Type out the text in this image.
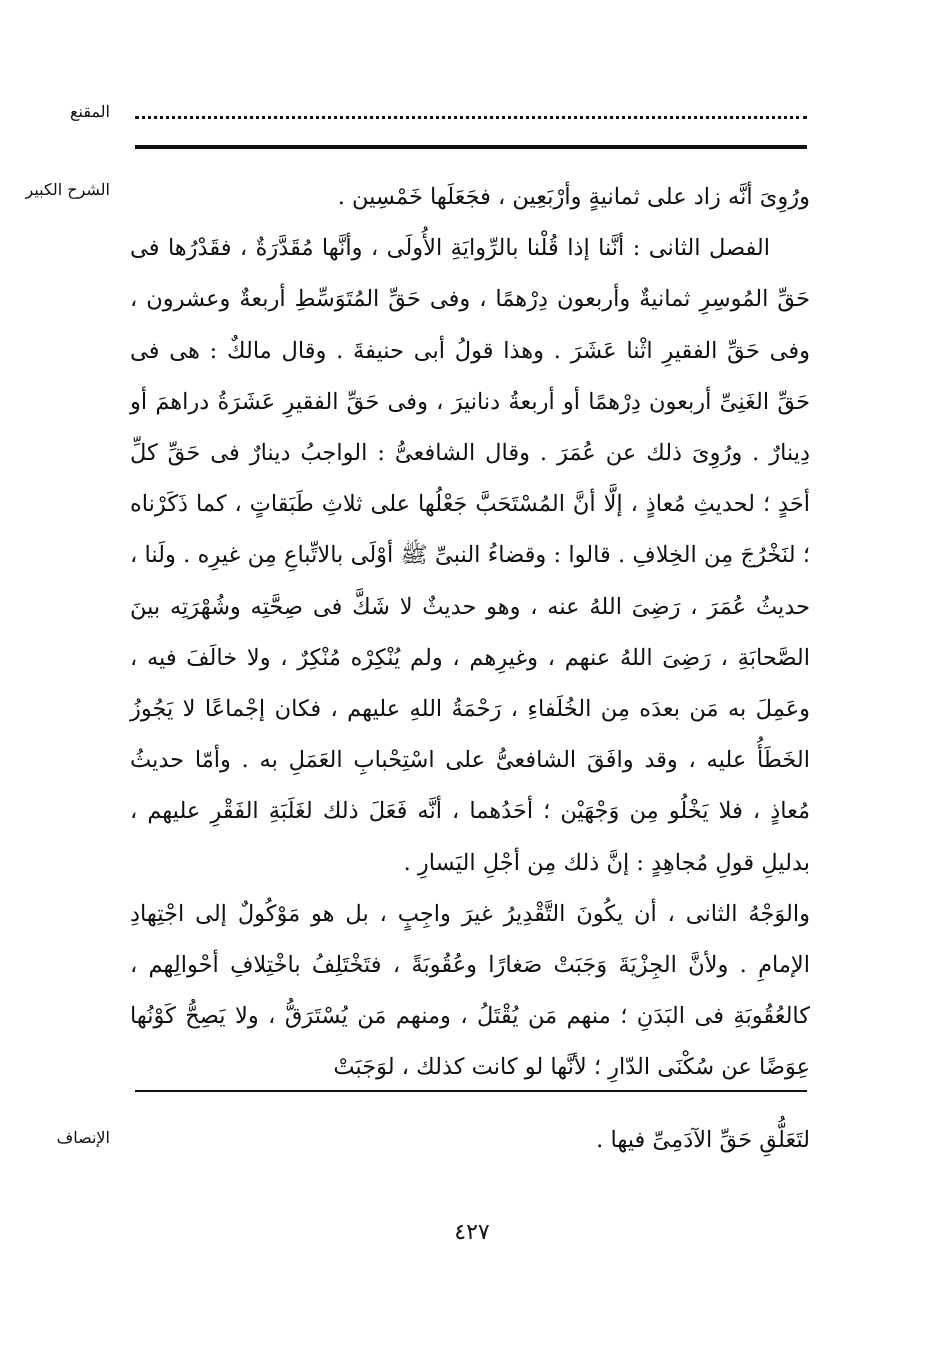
المقنع
الشرح الكبير	ورُوِىَ أنَّه زاد على ثمانيةٍ وأرْبَعِين ، فجَعَلَها خَمْسِين .

الفصل الثانى : أنَّنا إذا قُلْنا بالرِّوايَةِ الأُولَى ، وأنَّها مُقَدَّرَةٌ ، فقَدْرُها فى حَقِّ المُوسِرِ ثمانيةٌ وأربعون دِرْهمًا ، وفى حَقِّ المُتَوَسِّطِ أربعةٌ وعشرون ، وفى حَقِّ الفقيرِ اثْنا عَشَرَ . وهذا قولُ أبى حنيفةَ . وقال مالكٌ : هى فى حَقِّ الغَنِىِّ أربعون دِرْهمًا أو أربعةُ دنانيرَ ، وفى حَقِّ الفقيرِ عَشَرَةُ دراهمَ أو دِينارٌ . ورُوِىَ ذلك عن عُمَرَ . وقال الشافعىُّ : الواجبُ دينارٌ فى حَقِّ كلِّ أحَدٍ ؛ لحديثِ مُعاذٍ ، إلَّا أنَّ المُسْتَحَبَّ جَعْلُها على ثلاثِ طَبَقاتٍ ، كما ذَكَرْناه ؛ لنَخْرُجَ مِن الخِلافِ . قالوا : وقضاءُ النبىِّ ﷺ أوْلَى بالاتِّباعِ مِن غيرِه . ولَنا ، حديثُ عُمَرَ ، رَضِىَ اللهُ عنه ، وهو حديثٌ لا شَكَّ فى صِحَّتِه وشُهْرَتِه بينَ الصَّحابَةِ ، رَضِىَ اللهُ عنهم ، وغيرِهم ، ولم يُنْكِرْه مُنْكِرٌ ، ولا خالَفَ فيه ، وعَمِلَ به مَن بعدَه مِن الخُلَفاءِ ، رَحْمَةُ اللهِ عليهم ، فكان إجْماعًا لا يَجُوزُ الخَطَأُ عليه ، وقد وافَقَ الشافعىُّ على اسْتِحْبابِ العَمَلِ به . وأمّا حديثُ مُعاذٍ ، فلا يَخْلُو مِن وَجْهَيْن ؛ أحَدُهما ، أنَّه فَعَلَ ذلك لغَلَبَةِ الفَقْرِ عليهم ، بدليلِ قولِ مُجاهِدٍ : إنَّ ذلك مِن أجْلِ اليَسارِ .

والوَجْهُ الثانى ، أن يكُونَ التَّقْدِيرُ غيرَ واجِبٍ ، بل هو مَوْكُولٌ إلى اجْتِهادِ الإمامِ . ولأنَّ الجِزْيَةَ وَجَبَتْ صَغارًا وعُقُوبَةً ، فتَخْتَلِفُ باخْتِلافِ أحْوالِهم ، كالعُقُوبَةِ فى البَدَنِ ؛ منهم مَن يُقْتَلُ ، ومنهم مَن يُسْتَرَقُّ ، ولا يَصِحُّ كَوْنُها عِوَضًا عن سُكْنَى الدّارِ ؛ لأنَّها لو كانت كذلك ، لوَجَبَتْ

الإنصاف	لتَعَلُّقِ حَقِّ الآدَمِىِّ فيها .
٤٢٧
